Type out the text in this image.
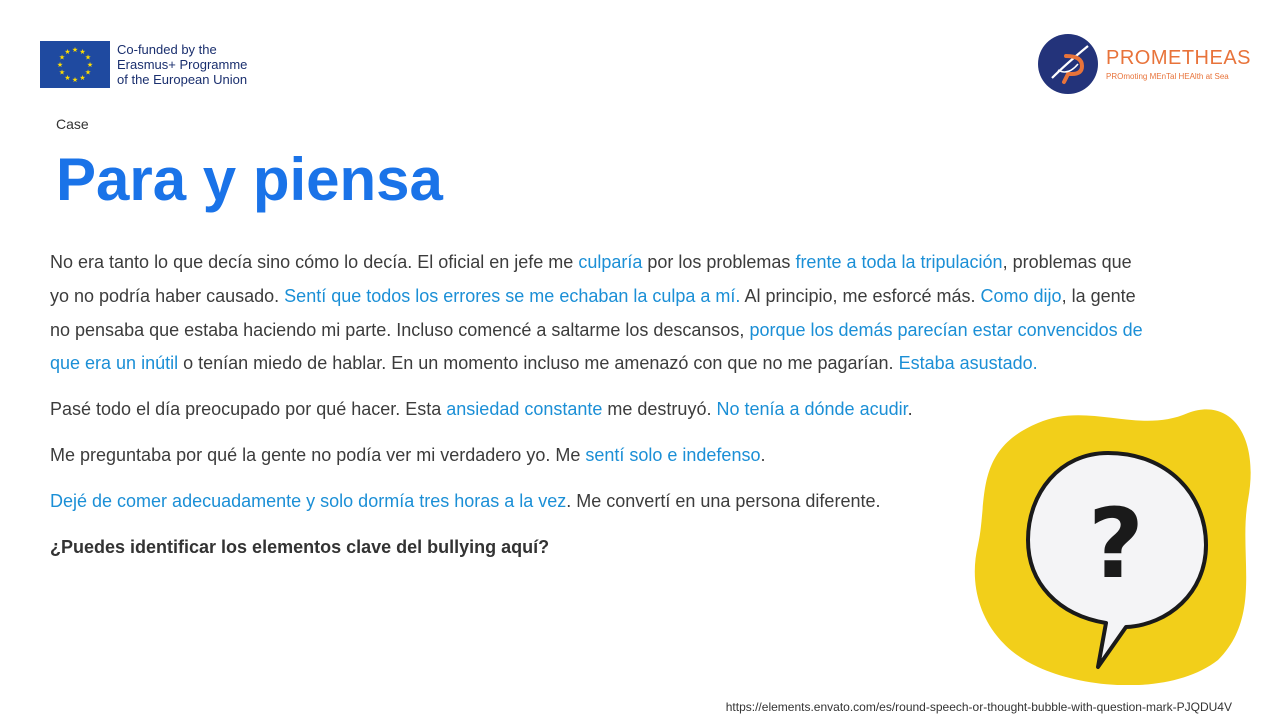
★ ★
★
★
★
★
★
★
★
★
★
★	Co-funded by the
Erasmus+ Programme
of the European Union
PROMETHEAS
PROmoting MEnTal HEAlth at Sea
Case
Para y piensa

No era tanto lo que decía sino cómo lo decía. El oficial en jefe me culparía por los problemas frente a toda la tripulación, problemas que yo no podría haber causado. Sentí que todos los errores se me echaban la culpa a mí. Al principio, me esforcé más. Como dijo, la gente no pensaba que estaba haciendo mi parte. Incluso comencé a saltarme los descansos, porque los demás parecían estar convencidos de que era un inútil o tenían miedo de hablar. En un momento incluso me amenazó con que no me pagarían. Estaba asustado.

Pasé todo el día preocupado por qué hacer. Esta ansiedad constante me destruyó. No tenía a dónde acudir.

Me preguntaba por qué la gente no podía ver mi verdadero yo. Me sentí solo e indefenso.

Dejé de comer adecuadamente y solo dormía tres horas a la vez. Me convertí en una persona diferente.

¿Puedes identificar los elementos clave del bullying aquí?	?
https://elements.envato.com/es/round-speech-or-thought-bubble-with-question-mark-PJQDU4V
